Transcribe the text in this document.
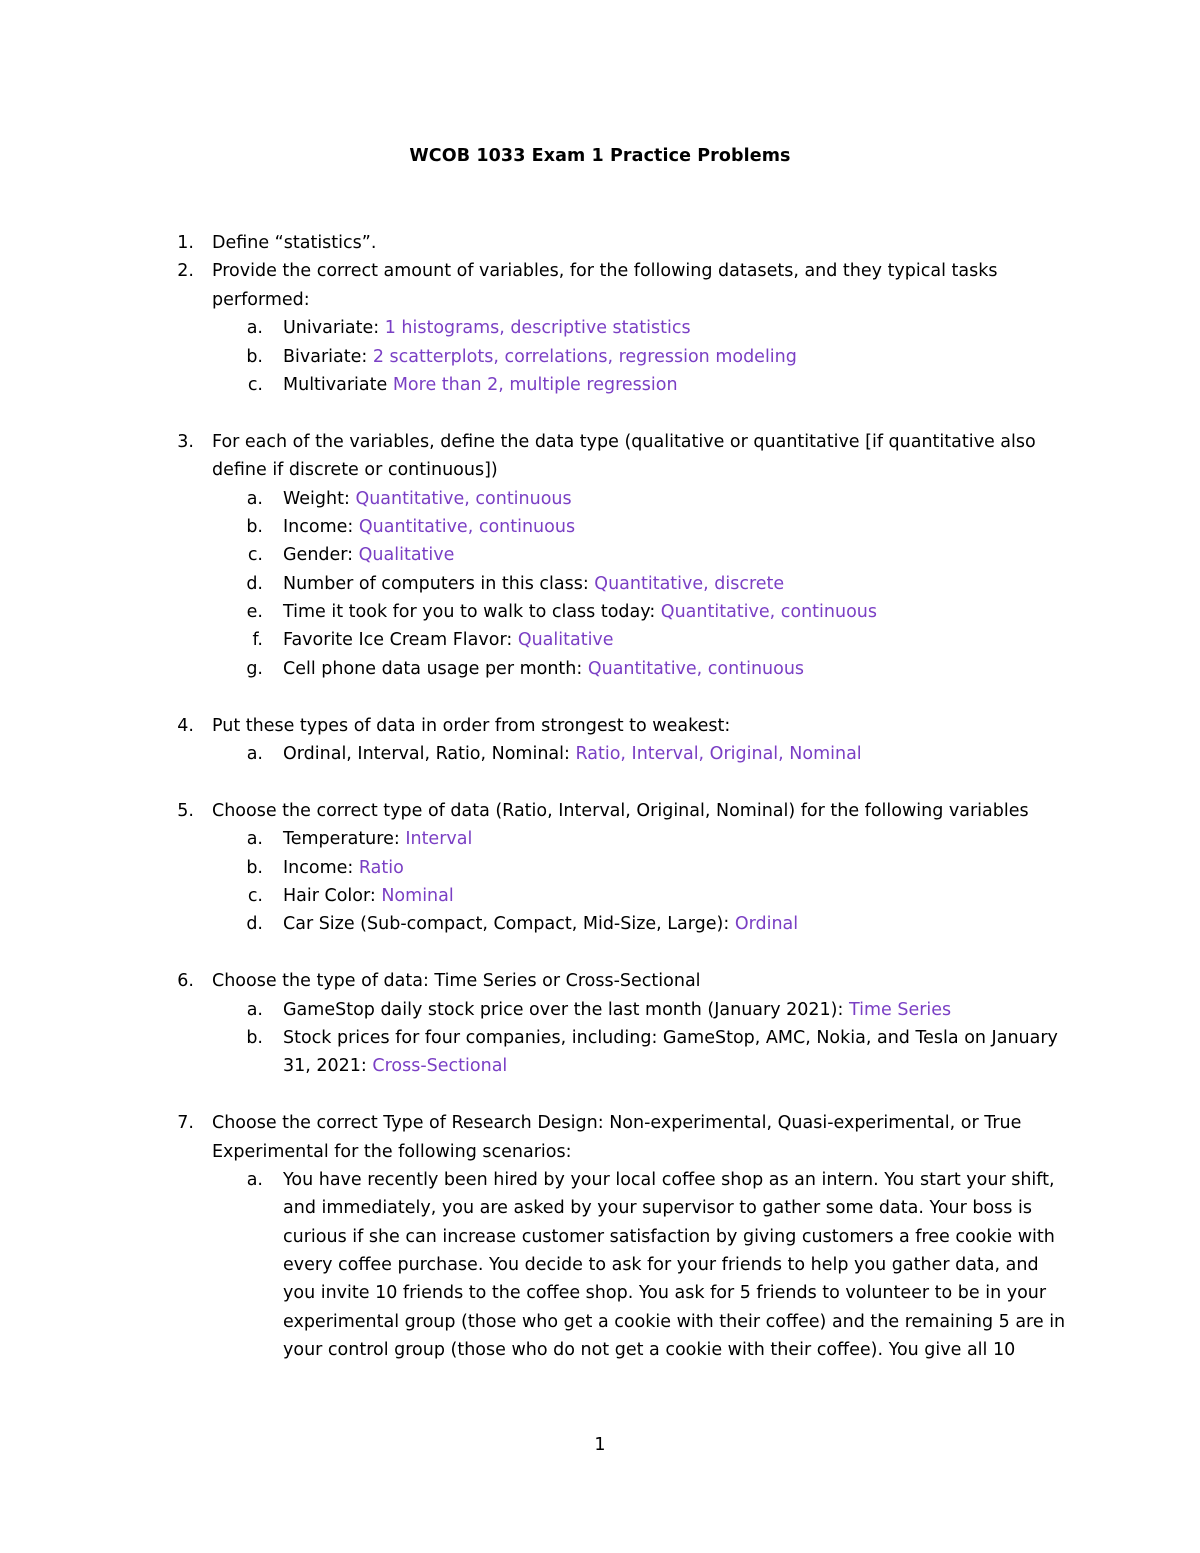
WCOB 1033 Exam 1 Practice Problems
1. Define “statistics”.
2. Provide the correct amount of variables, for the following datasets, and they typical tasks
performed:
a. Univariate: 1 histograms, descriptive statistics
b. Bivariate: 2 scatterplots, correlations, regression modeling
c. Multivariate More than 2, multiple regression
3. For each of the variables, define the data type (qualitative or quantitative [if quantitative also
define if discrete or continuous])
a. Weight: Quantitative, continuous
b. Income: Quantitative, continuous
c. Gender: Qualitative
d. Number of computers in this class: Quantitative, discrete
e. Time it took for you to walk to class today: Quantitative, continuous
f. Favorite Ice Cream Flavor: Qualitative
g. Cell phone data usage per month: Quantitative, continuous
4. Put these types of data in order from strongest to weakest:
a. Ordinal, Interval, Ratio, Nominal: Ratio, Interval, Original, Nominal
5. Choose the correct type of data (Ratio, Interval, Original, Nominal) for the following variables
a. Temperature: Interval
b. Income: Ratio
c. Hair Color: Nominal
d. Car Size (Sub-compact, Compact, Mid-Size, Large): Ordinal
6. Choose the type of data: Time Series or Cross-Sectional
a. GameStop daily stock price over the last month (January 2021): Time Series
b. Stock prices for four companies, including: GameStop, AMC, Nokia, and Tesla on January
31, 2021: Cross-Sectional
7. Choose the correct Type of Research Design: Non-experimental, Quasi-experimental, or True
Experimental for the following scenarios:
a. You have recently been hired by your local coffee shop as an intern. You start your shift,
and immediately, you are asked by your supervisor to gather some data. Your boss is
curious if she can increase customer satisfaction by giving customers a free cookie with
every coffee purchase. You decide to ask for your friends to help you gather data, and
you invite 10 friends to the coffee shop. You ask for 5 friends to volunteer to be in your
experimental group (those who get a cookie with their coffee) and the remaining 5 are in
your control group (those who do not get a cookie with their coffee). You give all 10
1
